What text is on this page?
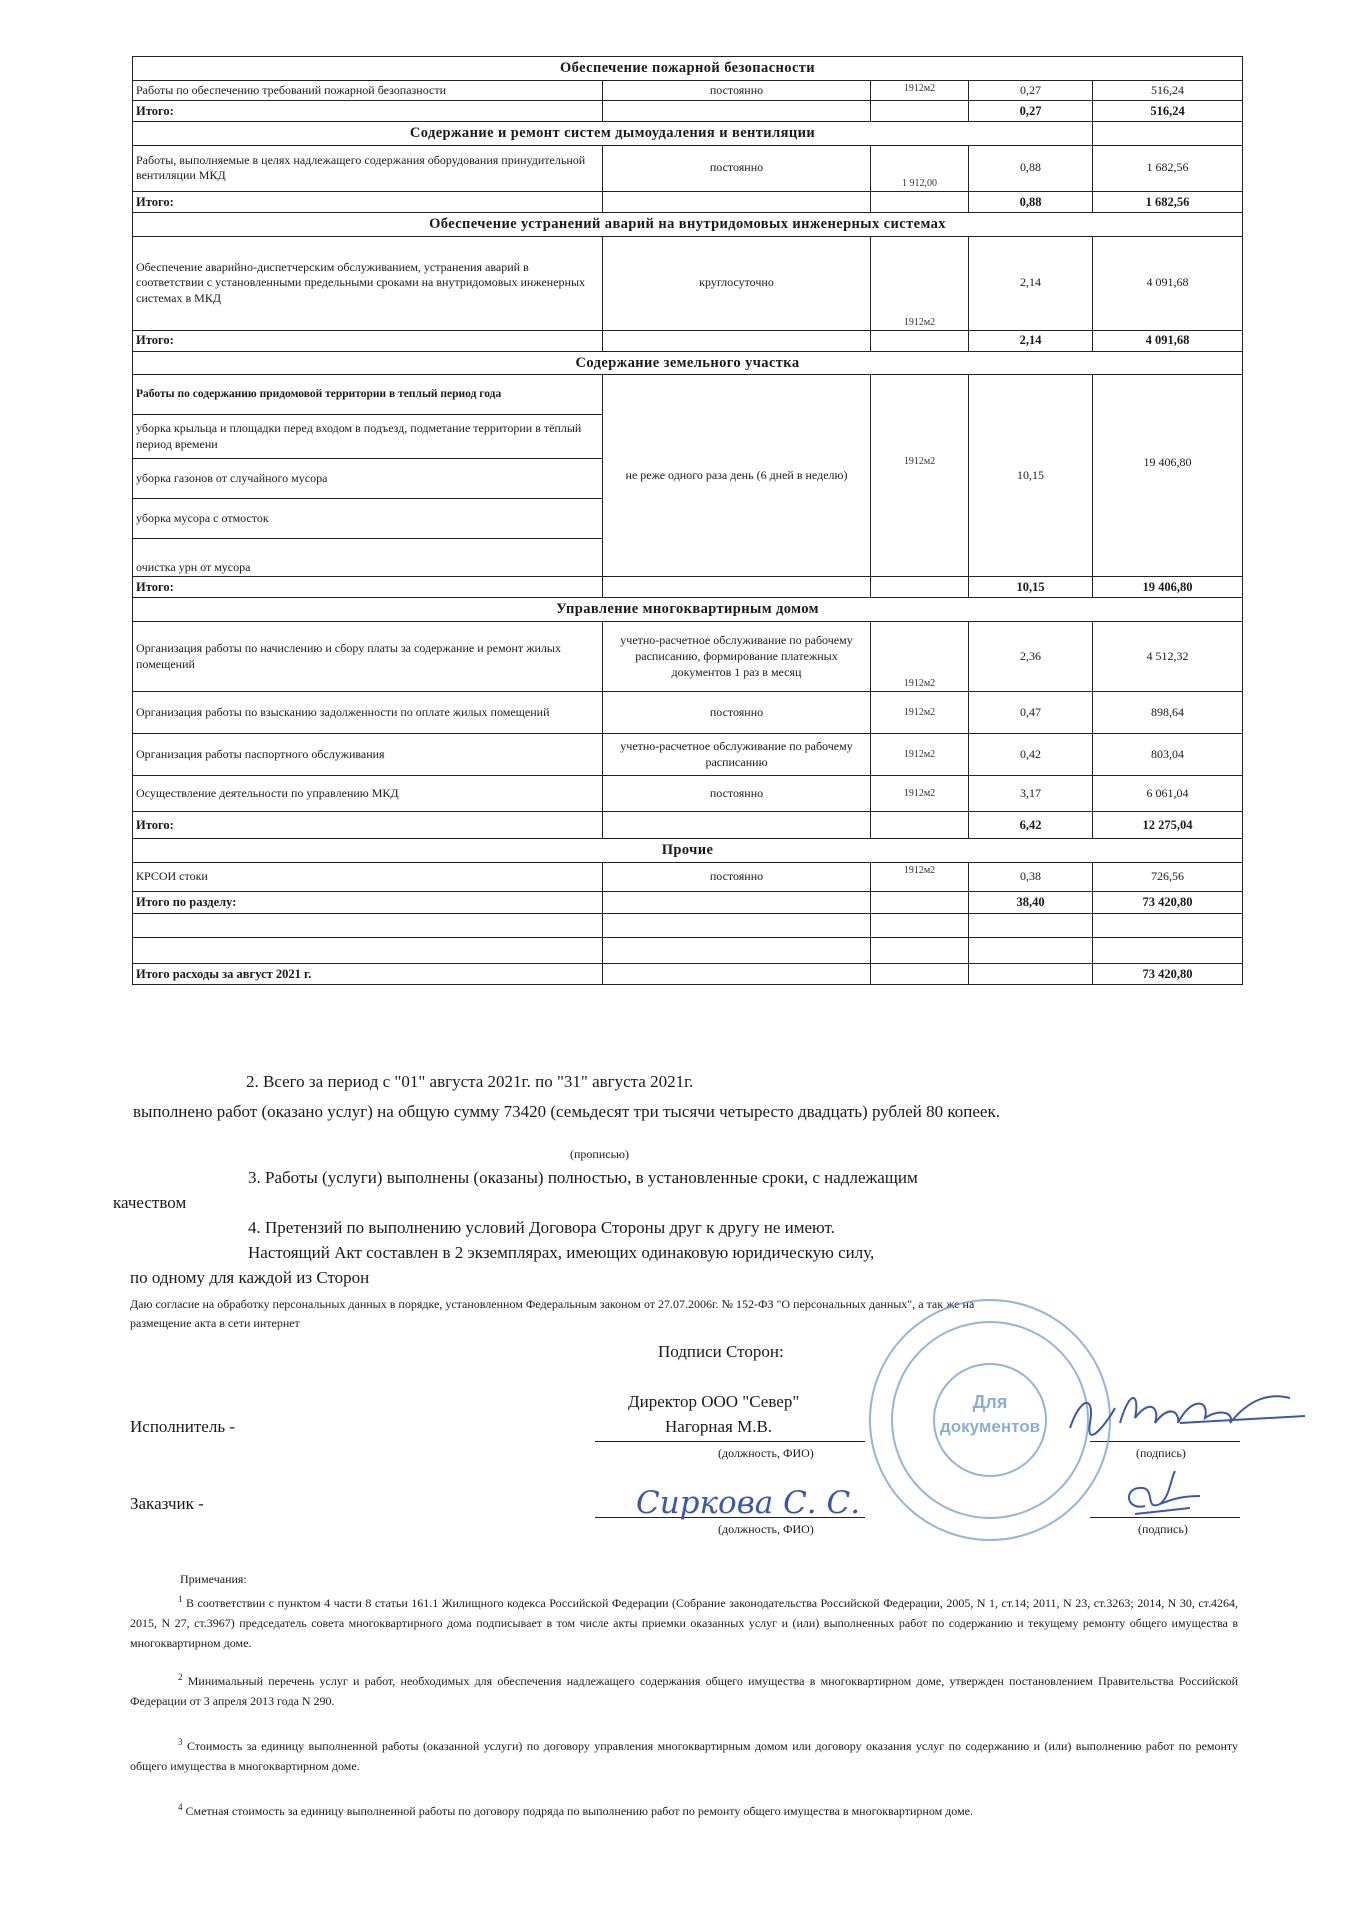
Обеспечение пожарной безопасности				
Работы по обеспечению требований пожарной безопазности	постоянно	1912м2	0,27	516,24
Итого:			0,27	516,24
Содержание и ремонт систем дымоудаления и вентиляции				
Работы, выполняемые в целях надлежащего содержания оборудования принудительной вентиляции МКД	постоянно	1 912,00	0,88	1 682,56
Итого:			0,88	1 682,56
Обеспечение устранений аварий на внутридомовых инженерных системах				
Обеспечение аварийно-диспетчерским обслуживанием, устранения аварий в соответствии с установленными предельными сроками на внутридомовых инженерных системах в МКД	круглосуточно	1912м2	2,14	4 091,68
Итого:			2,14	4 091,68
Содержание земельного участка				
Работы по содержанию придомовой территории в теплый период года	не реже одного раза день (6 дней в неделю)	1912м2	10,15	19 406,80
уборка крыльца и площадки перед входом в подъезд, подметание территории в тёплый период времени				
уборка газонов от случайного мусора				
уборка мусора с отмосток				
очистка урн от мусора				
Итого:			10,15	19 406,80
Управление многоквартирным домом				
Организация работы по начислению и сбору платы за содержание и ремонт жилых помещений	учетно-расчетное обслуживание по рабочему расписанию, формирование платежных документов 1 раз в месяц	1912м2	2,36	4 512,32
Организация работы по взысканию задолженности по оплате жилых помещений	постоянно	1912м2	0,47	898,64
Организация работы паспортного обслуживания	учетно-расчетное обслуживание по рабочему расписанию	1912м2	0,42	803,04
Осуществление деятельности по управлению МКД	постоянно	1912м2	3,17	6 061,04
Итого:			6,42	12 275,04
Прочие				
КРСОИ стоки	постоянно	1912м2	0,38	726,56
Итого по разделу:			38,40	73 420,80

Итого расходы за август 2021 г.				73 420,80
2. Всего за период с "01" августа 2021г. по "31" августа 2021г.
выполнено работ (оказано услуг) на общую сумму 73420 (семьдесят три тысячи четыресто двадцать) рублей 80 копеек.
(прописью)
3. Работы (услуги) выполнены (оказаны) полностью, в установленные сроки, с надлежащим
качеством
4. Претензий по выполнению условий Договора Стороны друг к другу не имеют.
Настоящий Акт составлен в 2 экземплярах, имеющих одинаковую юридическую силу,
по одному для каждой из Сторон
Даю согласие на обработку персональных данных в порядке, установленном Федеральным законом от 27.07.2006г. № 152-ФЗ "О персональных данных", а так же на
размещение акта в сети интернет
Подписи Сторон:
Директор ООО "Север"
Нагорная М.В.
Исполнитель -
(должность, ФИО)	(подпись)
Заказчик -
(должность, ФИО)	(подпись)
Для
документов
Сиркова С. С.
Примечания:
$^1$ В соответствии с пунктом 4 части 8 статьи 161.1 Жилищного кодекса Российской Федерации (Собрание законодательства Российской Федерации, 2005, N 1, ст.14; 2011, N 23, ст.3263; 2014, N 30, ст.4264, 2015, N 27, ст.3967) председатель совета многоквартирного дома подписывает в том числе акты приемки оказанных услуг и (или) выполненных работ по содержанию и текущему ремонту общего имущества в многоквартирном доме.
$^2$ Минимальный перечень услуг и работ, необходимых для обеспечения надлежащего содержания общего имущества в многоквартирном доме, утвержден постановлением Правительства Российской Федерации от 3 апреля 2013 года N 290.
$^3$ Стоимость за единицу выполненной работы (оказанной услуги) по договору управления многоквартирным домом или договору оказания услуг по содержанию и (или) выполнению работ по ремонту общего имущества в многоквартирном доме.
$^4$ Сметная стоимость за единицу выполненной работы по договору подряда по выполнению работ по ремонту общего имущества в многоквартирном доме.
